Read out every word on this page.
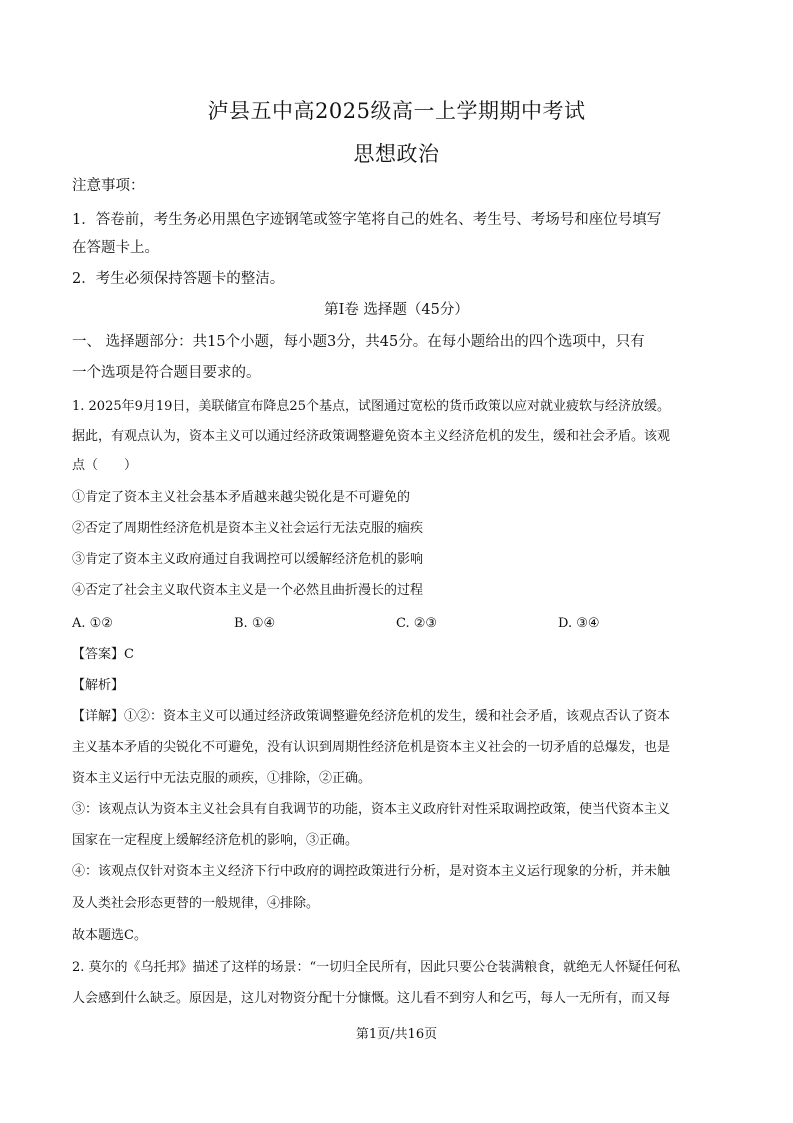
泸县五中高2025级高一上学期期中考试
思想政治
注意事项：
1．答卷前，考生务必用黑色字迹钢笔或签字笔将自己的姓名、考生号、考场号和座位号填写
在答题卡上。
2．考生必须保持答题卡的整洁。
第Ⅰ卷 选择题（45分）
一、 选择题部分：共15个小题，每小题3分，共45分。在每小题给出的四个选项中，只有
一个选项是符合题目要求的。
1. 2025年9月19日，美联储宣布降息25个基点，试图通过宽松的货币政策以应对就业疲软与经济放缓。
据此，有观点认为，资本主义可以通过经济政策调整避免资本主义经济危机的发生，缓和社会矛盾。该观
点（　　）
①肯定了资本主义社会基本矛盾越来越尖锐化是不可避免的
②否定了周期性经济危机是资本主义社会运行无法克服的痼疾
③肯定了资本主义政府通过自我调控可以缓解经济危机的影响
④否定了社会主义取代资本主义是一个必然且曲折漫长的过程
A. ①②	B. ①④	C. ②③	D. ③④
【答案】C
【解析】
【详解】①②：资本主义可以通过经济政策调整避免经济危机的发生，缓和社会矛盾，该观点否认了资本
主义基本矛盾的尖锐化不可避免，没有认识到周期性经济危机是资本主义社会的一切矛盾的总爆发，也是
资本主义运行中无法克服的顽疾，①排除，②正确。
③：该观点认为资本主义社会具有自我调节的功能，资本主义政府针对性采取调控政策，使当代资本主义
国家在一定程度上缓解经济危机的影响，③正确。
④：该观点仅针对资本主义经济下行中政府的调控政策进行分析，是对资本主义运行现象的分析，并未触
及人类社会形态更替的一般规律，④排除。
故本题选C。
2. 莫尔的《乌托邦》描述了这样的场景：“一切归全民所有，因此只要公仓装满粮食，就绝无人怀疑任何私
人会感到什么缺乏。原因是，这儿对物资分配十分慷慨。这儿看不到穷人和乞丐，每人一无所有，而又每
第1页/共16页
